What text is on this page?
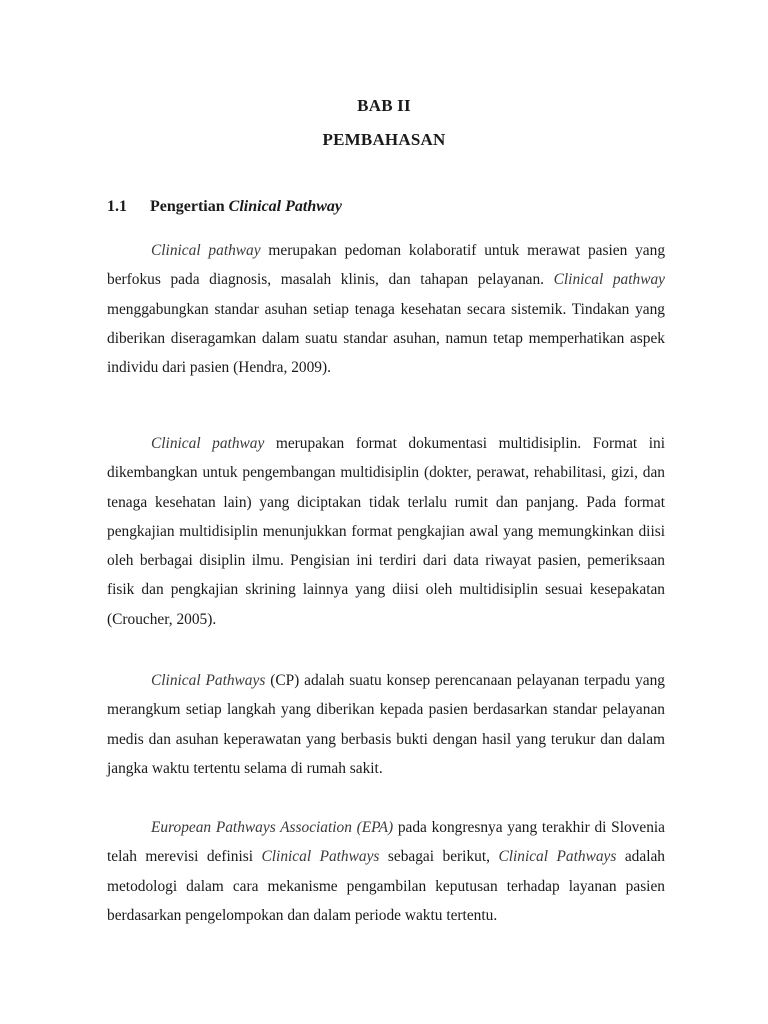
BAB II
PEMBAHASAN
1.1 Pengertian Clinical Pathway

Clinical pathway merupakan pedoman kolaboratif untuk merawat pasien yang berfokus pada diagnosis, masalah klinis, dan tahapan pelayanan. Clinical pathway menggabungkan standar asuhan setiap tenaga kesehatan secara sistemik. Tindakan yang diberikan diseragamkan dalam suatu standar asuhan, namun tetap memperhatikan aspek individu dari pasien (Hendra, 2009).

Clinical pathway merupakan format dokumentasi multidisiplin. Format ini dikembangkan untuk pengembangan multidisiplin (dokter, perawat, rehabilitasi, gizi, dan tenaga kesehatan lain) yang diciptakan tidak terlalu rumit dan panjang. Pada format pengkajian multidisiplin menunjukkan format pengkajian awal yang memungkinkan diisi oleh berbagai disiplin ilmu. Pengisian ini terdiri dari data riwayat pasien, pemeriksaan fisik dan pengkajian skrining lainnya yang diisi oleh multidisiplin sesuai kesepakatan (Croucher, 2005).

Clinical Pathways (CP) adalah suatu konsep perencanaan pelayanan terpadu yang merangkum setiap langkah yang diberikan kepada pasien berdasarkan standar pelayanan medis dan asuhan keperawatan yang berbasis bukti dengan hasil yang terukur dan dalam jangka waktu tertentu selama di rumah sakit.

European Pathways Association (EPA) pada kongresnya yang terakhir di Slovenia telah merevisi definisi Clinical Pathways sebagai berikut, Clinical Pathways adalah metodologi dalam cara mekanisme pengambilan keputusan terhadap layanan pasien berdasarkan pengelompokan dan dalam periode waktu tertentu.
